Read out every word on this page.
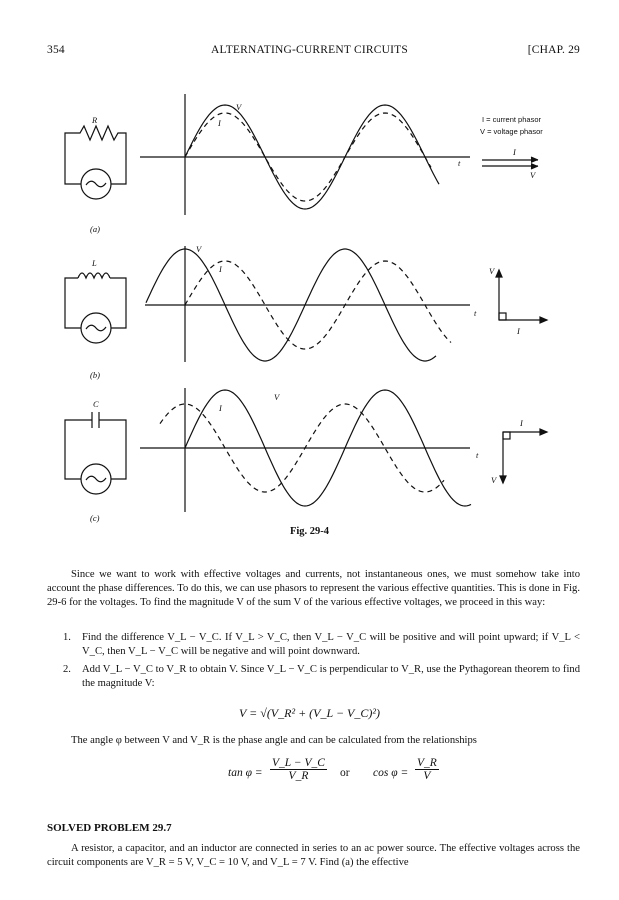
354	ALTERNATING-CURRENT CIRCUITS	[CHAP. 29
R
L
C
(a)
(b)
(c)
V
I
t
V
I
t
V
I
t
I
V
V
I
I
V
I = current phasor
V = voltage phasor
Fig. 29-4
Since we want to work with effective voltages and currents, not instantaneous ones, we must somehow take into account the phase differences. To do this, we can use phasors to represent the various effective quantities. This is done in Fig. 29-6 for the voltages. To find the magnitude V of the sum V of the various effective voltages, we proceed in this way:
1. Find the difference V_L − V_C. If V_L > V_C, then V_L − V_C will be positive and will point upward; if V_L < V_C, then V_L − V_C will be negative and will point downward.
2. Add V_L − V_C to V_R to obtain V. Since V_L − V_C is perpendicular to V_R, use the Pythagorean theorem to find the magnitude V:
V = √(V_R² + (V_L − V_C)²)
The angle φ between V and V_R is the phase angle and can be calculated from the relationships
$\tan \varphi = \frac{V\_L - V\_C}{V\_R}$ or $\cos \varphi = \frac{V\_R}{V}$
SOLVED PROBLEM 29.7
A resistor, a capacitor, and an inductor are connected in series to an ac power source. The effective voltages across the circuit components are V_R = 5 V, V_C = 10 V, and V_L = 7 V. Find (a) the effective
